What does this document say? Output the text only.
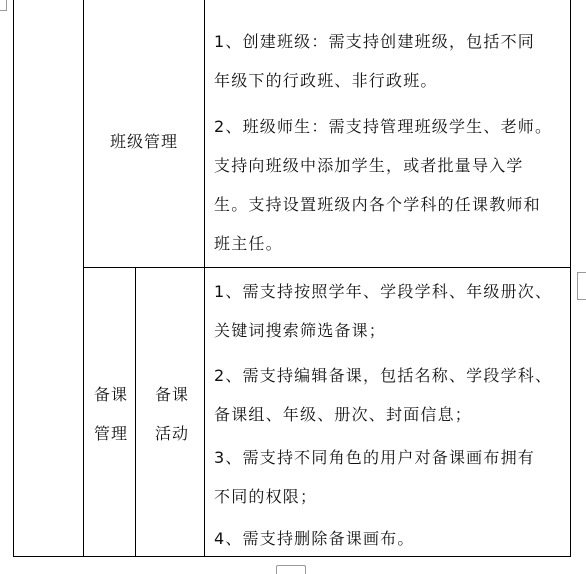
班级管理
1、创建班级：需支持创建班级，包括不同
年级下的行政班、非行政班。
2、班级师生：需支持管理班级学生、老师。
支持向班级中添加学生，或者批量导入学
生。支持设置班级内各个学科的任课教师和
班主任。
备课
管理
备课
活动
1、需支持按照学年、学段学科、年级册次、
关键词搜索筛选备课；
2、需支持编辑备课，包括名称、学段学科、
备课组、年级、册次、封面信息；
3、需支持不同角色的用户对备课画布拥有
不同的权限；
4、需支持删除备课画布。
